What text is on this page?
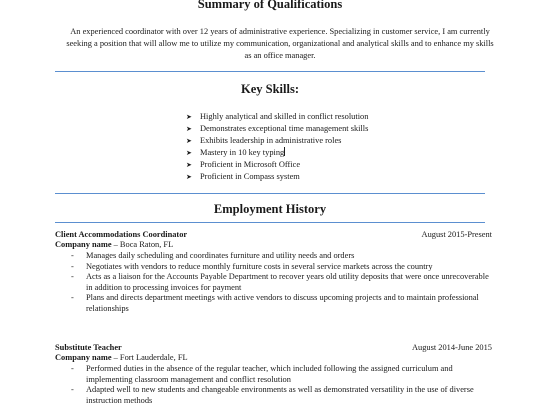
Summary of Qualifications

An experienced coordinator with over 12 years of administrative experience. Specializing in customer service, I am currently seeking a position that will allow me to utilize my communication, organizational and analytical skills and to enhance my skills as an office manager.

Key Skills:
➤ Highly analytical and skilled in conflict resolution
➤ Demonstrates exceptional time management skills
➤ Exhibits leadership in administrative roles
➤ Mastery in 10 key typing
➤ Proficient in Microsoft Office
➤ Proficient in Compass system
Employment History
Client Accommodations Coordinator	August 2015-Present
Company name – Boca Raton, FL
- Manages daily scheduling and coordinates furniture and utility needs and orders
- Negotiates with vendors to reduce monthly furniture costs in several service markets across the country
- Acts as a liaison for the Accounts Payable Department to recover years old utility deposits that were once unrecoverable in addition to processing invoices for payment
- Plans and directs department meetings with active vendors to discuss upcoming projects and to maintain professional relationships
Substitute Teacher	August 2014-June 2015
Company name – Fort Lauderdale, FL
- Performed duties in the absence of the regular teacher, which included following the assigned curriculum and implementing classroom management and conflict resolution
- Adapted well to new students and changeable environments as well as demonstrated versatility in the use of diverse instruction methods
